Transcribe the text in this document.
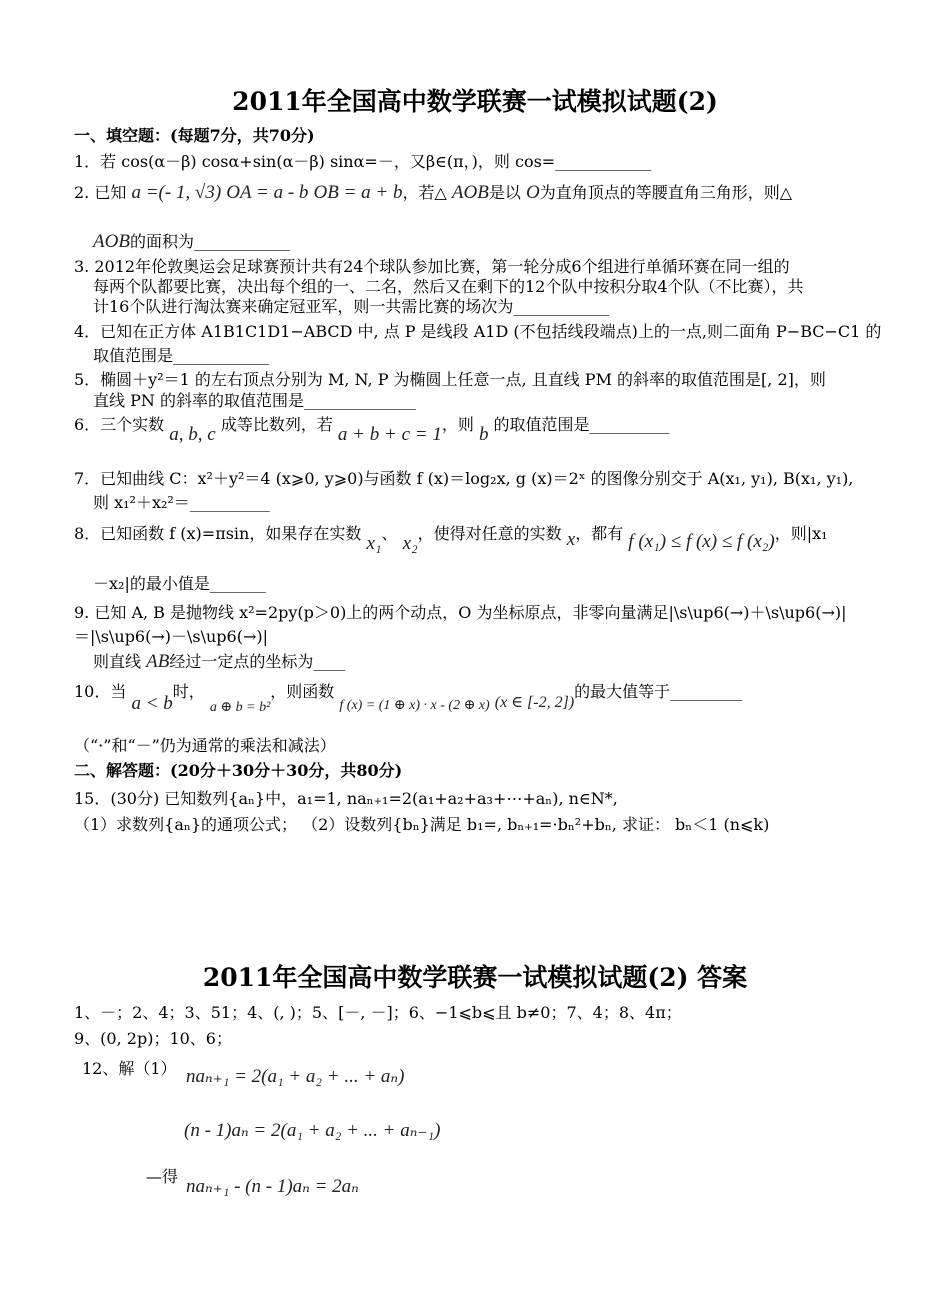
2011年全国高中数学联赛一试模拟试题(2)
一、填空题：(每题7分，共70分)
1．若 cos(α－β) cosα+sin(α－β) sinα=－，又β∈(π，)，则 cos=____________
2. 已知 a =(- 1, √3) OA = a - b OB = a + b，若△ AOB是以 O为直角顶点的等腰直角三角形，则△
AOB的面积为____________
3. 2012年伦敦奥运会足球赛预计共有24个球队参加比赛，第一轮分成6个组进行单循环赛在同一组的
每两个队都要比赛，决出每个组的一、二名，然后又在剩下的12个队中按积分取4个队（不比赛），共
计16个队进行淘汰赛来确定冠亚军，则一共需比赛的场次为____________
4．已知在正方体 A1B1C1D1−ABCD 中, 点 P 是线段 A1D (不包括线段端点)上的一点,则二面角 P−BC−C1 的
取值范围是____________
5．椭圆＋y²＝1 的左右顶点分别为 M, N, P 为椭圆上任意一点, 且直线 PM 的斜率的取值范围是[, 2]，则
直线 PN 的斜率的取值范围是______________
6．三个实数 a, b, c 成等比数列，若 a + b + c = 1，则 b 的取值范围是__________
7．已知曲线 C：x²＋y²＝4 (x⩾0, y⩾0)与函数 f (x)＝log₂x, g (x)＝2ˣ 的图像分别交于 A(x₁, y₁), B(x₁, y₁),
则 x₁²＋x₂²＝__________
8．已知函数 f (x)=πsin，如果存在实数 x₁、 x₂，使得对任意的实数 x，都有 f (x₁) ≤ f (x) ≤ f (x₂)，则|x₁
－x₂|的最小值是_______
9. 已知 A, B 是抛物线 x²=2py(p＞0)上的两个动点，O 为坐标原点，非零向量满足|\s\up6(→)＋\s\up6(→)|
＝|\s\up6(→)－\s\up6(→)|
则直线 AB经过一定点的坐标为____
10．当 a < b时， a ⊕ b = b²，则函数 f (x) = (1 ⊕ x) · x - (2 ⊕ x) (x ∈ [-2, 2])的最大值等于_________
（“·”和“－”仍为通常的乘法和减法）
二、解答题：(20分＋30分＋30分，共80分)
15．(30分) 已知数列{aₙ}中，a₁=1, naₙ₊₁=2(a₁+a₂+a₃+⋯+aₙ), n∈N*,
（1）求数列{aₙ}的通项公式； （2）设数列{bₙ}满足 b₁=, bₙ₊₁=·bₙ²+bₙ, 求证： bₙ＜1 (n⩽k)
2011年全国高中数学联赛一试模拟试题(2) 答案
1、－；2、4；3、51；4、(, )；5、[－, －]；6、−1⩽b⩽且 b≠0；7、4；8、4π；
9、(0, 2p)；10、6；
12、解（1） naₙ₊₁ = 2(a₁ + a₂ + ... + aₙ)
(n - 1)aₙ = 2(a₁ + a₂ + ... + aₙ₋₁)
—得 naₙ₊₁ - (n - 1)aₙ = 2aₙ
